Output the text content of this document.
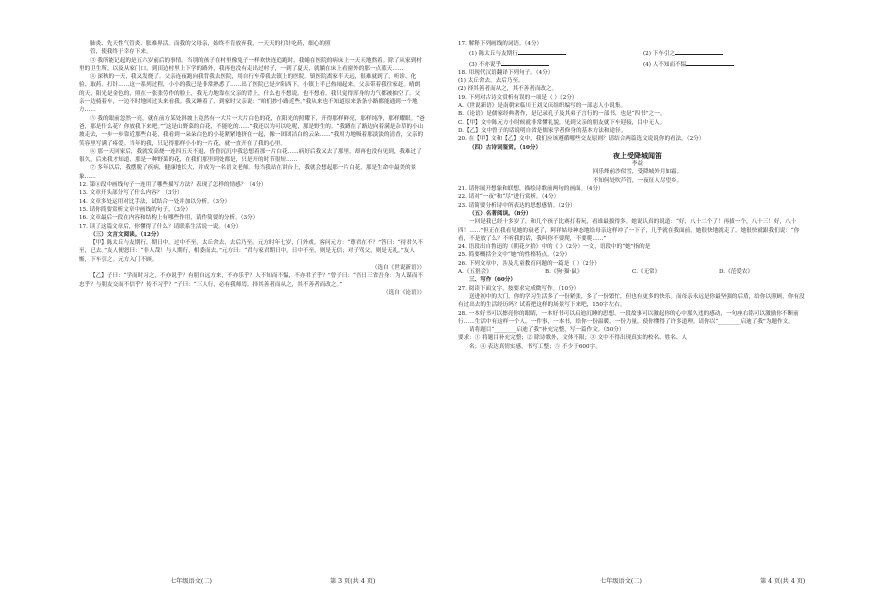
肺炎、先天性气管炎、胀难界活。而我的父母亲，始终不肯放弃我，一天天的打针吃药，细心的照

管，使我终于幸存下来。

③ 我所能记起的是五六岁前后的事情。当别的孩子在村里像兔子一样欢快连追跑时，我蜷在医院的病床上一天天地熬着。除了从家到村里的卫生所，以及从家门口，到田边村里上下学的路外，我再也没有走出过村子，一到了夏天，就躺在床上看窗外的那一点蓝天……

④ 深秋的一天，我又发烧了。父亲连夜跑向我背我去医院，用自行车带我去镇上的医院。镇医院离家半天远，很难就到了，听诊、化验、取药、打针……这一系列过程，小小的我已是非常熟悉了……出了医院已是夕阳西下，小镇上半已热闹起来，父亲带着我往家赶。晴朗的天，阳光是金色的，照在一张张劳作的脸上，我无力地靠在父亲的背上，什么也不想说，也不想看，我只觉得浑身的力气都被抽空了。父亲一边骑着车，一边不时地回过头来看我。我又睡着了，到家时父亲说：“咱们抄小路近些。”我从来也不知道原来条条小路都能通到一个地方……

⑤ 我的眼前忽然一亮，就在前方某处斜坡上竟然有一大片一大片白色的花，在阳光的照耀下，开得那样鲜亮，那样纯净，那样耀眼。“爸爸，那是什么花？你放我下来吧。”“这是山野菜的白花，不能吃的……”我还以为可以吃呢，那是野生的。“我蹲在了路边向着满是杂草的小山坡走去，一步一步靠近那些白花，我看到一朵朵白色的小花紧紧地挤在一起，像一团团洁白的云朵……”我用力地吸着那淡淡的清香，父亲的笑容里写满了疼爱。当年的我，只记得那样小小的一片花，就一直开在了我的心里。

⑥ 那一天回家后，我就发高烧一连四五天不退，昏昏沉沉中我总想着那一片白花……病好后我又去了那里，却再也没有见到，我难过了很久。后来我才知道，那是一种野菜的花，在我们那里到处都是，只是开的时节很短……

⑦ 多年以后，我摆脱了疾病，健康地长大，并成为一名语文老师。每当我站在讲台上，我就会想起那一片白花，那是生命中最美的景象……

12. 第⑥段中画线句子一连用了哪些描写方法？表现了怎样的情感？（4分）

13. 文章开头部分写了什么内容？（3分）

14. 文章多处运用对比手法，试结合一处并加以分析。（3分）

15. 请你简要赏析文章中画线的句子。（3分）

16. 文章最后一段在内容和结构上有哪些作用，请作简要的分析。（3分）

17. 读了这篇文章后，你懂得了什么？请联系生活说一说。（4分）

（三）文言文阅读。（12分）

【甲】陈太丘与友期行，期日中。过中不至，太丘舍去，去后乃至。元方时年七岁，门外戏。客问元方：“尊君在不？”答曰：“待君久不至，已去。”友人便怒曰：“非人哉！与人期行，相委而去。”元方曰：“君与家君期日中。日中不至，则是无信；对子骂父，则是无礼。”友人惭，下车引之。元方入门不顾。

（选自《世说新语》）

【乙】子曰：“学而时习之，不亦说乎？有朋自远方来，不亦乐乎？人不知而不愠，不亦君子乎？”曾子曰：“吾日三省吾身：为人谋而不忠乎？与朋友交而不信乎？传不习乎？”子曰：“三人行，必有我师焉。择其善者而从之，其不善者而改之。”

（选自《论语》）

七年级语文(二)	第 3 页(共 4 页)

17. 解释下列画线的词语。（4分）

(1) 陈太丘与友期行	(2) 下车引之

(3) 不亦说乎	(4) 人不知而不愠

18. 用现代汉语翻译下列句子。（4分）

(1) 太丘舍去，去后乃至。

(2) 择其善者而从之，其不善者而改之。

19. 下列对古诗文赏析有误的一项是（ ）（2分）

A.《世说新语》是南朝宋临川王刘义庆组织编写的一部志人小说集。

B.《论语》是儒家经典著作，是记录孔子及其弟子言行的一部书，也是“四书”之一。

C.【甲】文中陈元方小时候就非常懂礼貌，见到父亲的朋友就下车迎接，目中无人。

D.【乙】文中曾子的话说明自省是儒家学者修身的基本方法和途径。

20. 在【甲】文和【乙】文中，我们应该遵循哪些交友原则？请结合两篇选文说说你的看法。（2分）

（四）古诗词鉴赏。（10分）

夜上受降城闻笛

李益

回乐烽前沙似雪，受降城外月如霜。

不知何处吹芦管，一夜征人尽望乡。

21. 请你展开想象和联想，描绘诗歌前两句的画面。（4分）

22. 请对“一夜”和“尽”进行赏析。（4分）

23. 请简要分析诗中所表达的思想感情。（2分）

（五）名著阅读。（8分）

一回是我已经十多岁了，和几个孩子比赛打着玩，看谁最拔得多。她说认真的说道：“好，八十二个了！再拔一个，八十三！好，八十四！……”但正在我看见她的衰老了，阿祥姑母神态地给母亲这样冲了一下子，几乎就在我面前，她很快地就走了。她很快就跟我们说：“你看，不是放了么？不听我的话，我叫你不要爬，不要爬……”

24. 语段出自鲁迅的《朝花夕拾》中的《 》（2分）一文，语段中的“她”指的是

25. 简要概括全文中“她”的性格特点。（2分）

26. 下列文章中，涉及儿童教育问题的一篇是（ ）（2分）

A.《五猖会》	B.《狗·猫·鼠》	C.《无常》	D.《范爱农》

三、写作（60分）

27. 阅读下面文字，按要求完成微写作。（10分）

送进初中的大门，你的学习生活多了一份紧张，多了一份繁忙，但也有更多的快乐。而母亲永远是你最坚强的后盾，给你以照顾，你有没有过出去的生活经历吗？试着把这样的场景写下来吧，150字左右。

28. 一本好书可以擦亮你的眼睛，一本好书可以启迪沉睡的思想，一段故事可以激起你的心中那久违的感动，一句座右铭可以激励你不断前行……生活中有这样一个人，一件事，一本书，给你一份温暖、一份力量，使你懂得了许多道理。请你以“________启迪了我”为题作文。

请将题目“________启迪了我”补充完整，写一篇作文。（50分）

要求：① 将题目补充完整；② 除诗歌外，文体不限；③ 文中不得出现真实的校名、姓名、人

名；④ 表达真情实感，书写工整；⑤ 不少于600字。

七年级语文(二)	第 4 页(共 4 页)
